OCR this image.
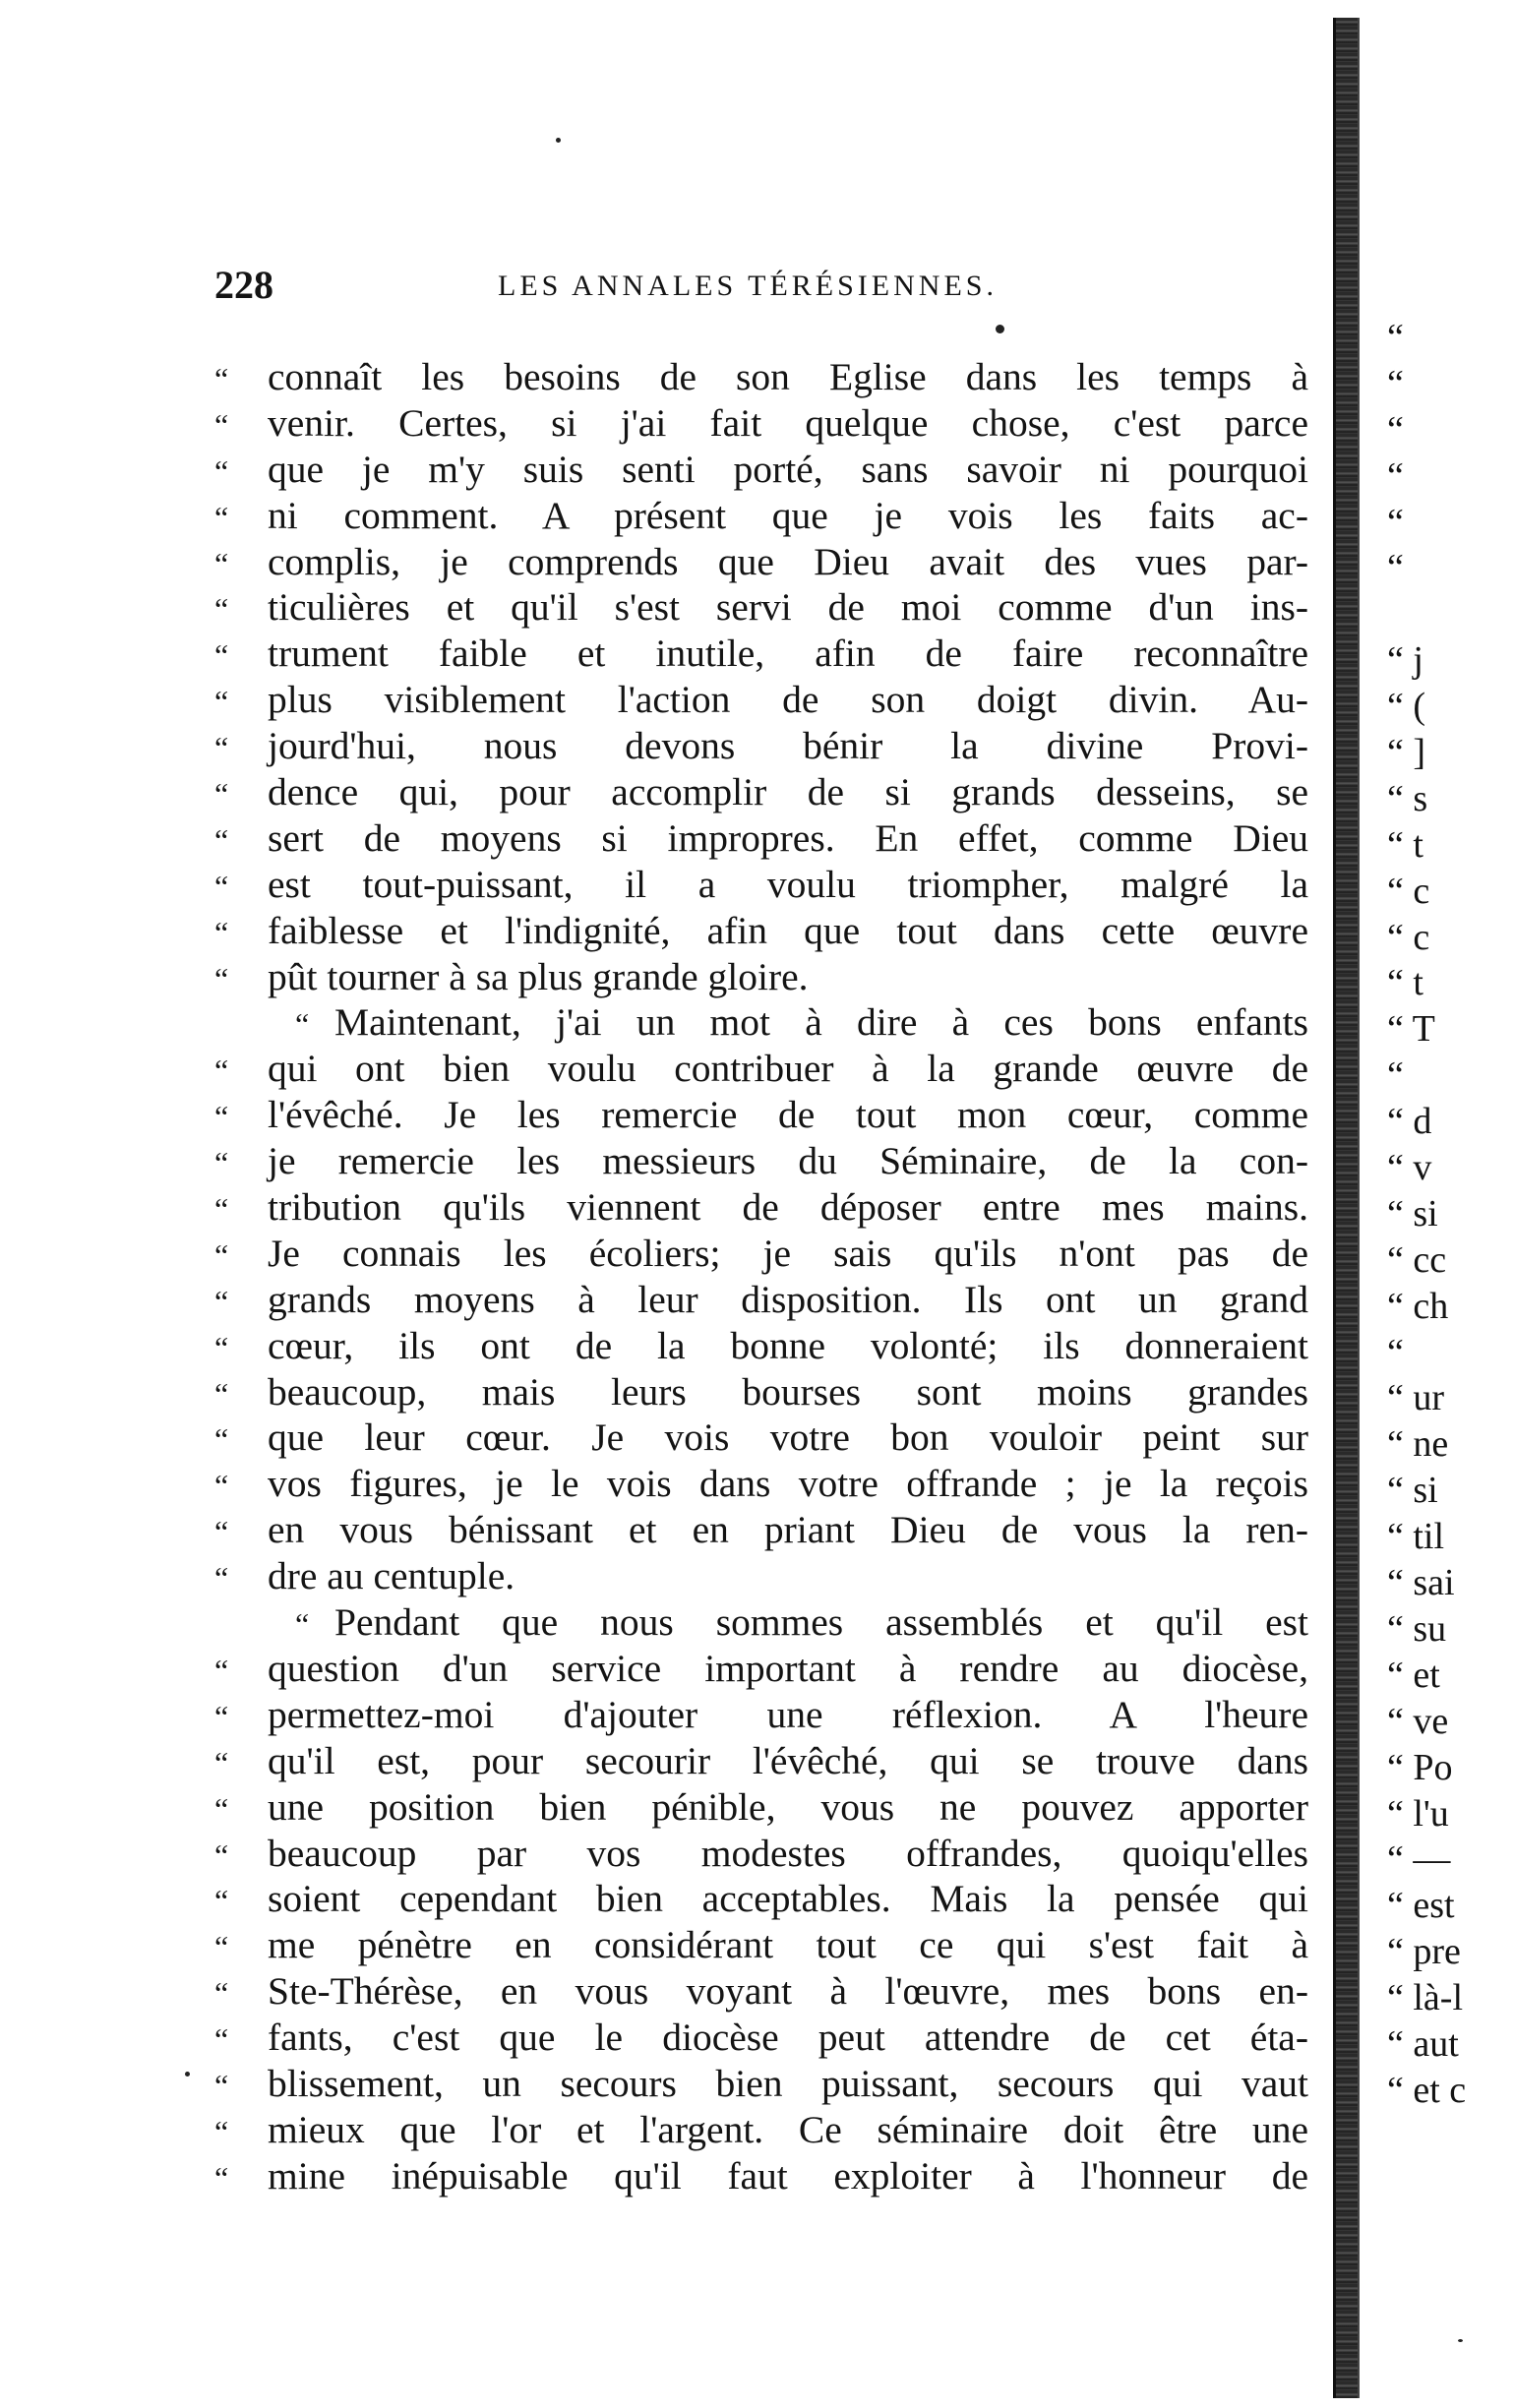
228	LES ANNALES TÉRÉSIENNES.
“	connaît les besoins de son Eglise dans les temps à
“	venir. Certes, si j'ai fait quelque chose, c'est parce
“	que je m'y suis senti porté, sans savoir ni pourquoi
“	ni comment. A présent que je vois les faits ac-
“	complis, je comprends que Dieu avait des vues par-
“	ticulières et qu'il s'est servi de moi comme d'un ins-
“	trument faible et inutile, afin de faire reconnaître
“	plus visiblement l'action de son doigt divin. Au-
“	jourd'hui, nous devons bénir la divine Provi-
“	dence qui, pour accomplir de si grands desseins, se
“	sert de moyens si impropres. En effet, comme Dieu
“	est tout-puissant, il a voulu triompher, malgré la
“	faiblesse et l'indignité, afin que tout dans cette œuvre
“	pût tourner à sa plus grande gloire.
“ Maintenant, j'ai un mot à dire à ces bons enfants
“	qui ont bien voulu contribuer à la grande œuvre de
“	l'évêché. Je les remercie de tout mon cœur, comme
“	je remercie les messieurs du Séminaire, de la con-
“	tribution qu'ils viennent de déposer entre mes mains.
“	Je connais les écoliers; je sais qu'ils n'ont pas de
“	grands moyens à leur disposition. Ils ont un grand
“	cœur, ils ont de la bonne volonté; ils donneraient
“	beaucoup, mais leurs bourses sont moins grandes
“	que leur cœur. Je vois votre bon vouloir peint sur
“	vos figures, je le vois dans votre offrande ; je la reçois
“	en vous bénissant et en priant Dieu de vous la ren-
“	dre au centuple.
“ Pendant que nous sommes assemblés et qu'il est
“	question d'un service important à rendre au diocèse,
“	permettez-moi d'ajouter une réflexion. A l'heure
“	qu'il est, pour secourir l'évêché, qui se trouve dans
“	une position bien pénible, vous ne pouvez apporter
“	beaucoup par vos modestes offrandes, quoiqu'elles
“	soient cependant bien acceptables. Mais la pensée qui
“	me pénètre en considérant tout ce qui s'est fait à
“	Ste-Thérèse, en vous voyant à l'œuvre, mes bons en-
“	fants, c'est que le diocèse peut attendre de cet éta-
“	blissement, un secours bien puissant, secours qui vaut
“	mieux que l'or et l'argent. Ce séminaire doit être une
“	mine inépuisable qu'il faut exploiter à l'honneur de
“
“
“
“
“
“
“ j
“ (
“ ]
“ s
“ t
“ c
“ c
“ t
“ T
“
“ d
“ v
“ si
“ cc
“ ch
“
“ ur
“ ne
“ si
“ til
“ sai
“ su
“ et
“ ve
“ Po
“ l'u
“ —
“ est
“ pre
“ là-l
“ aut
“ et c
